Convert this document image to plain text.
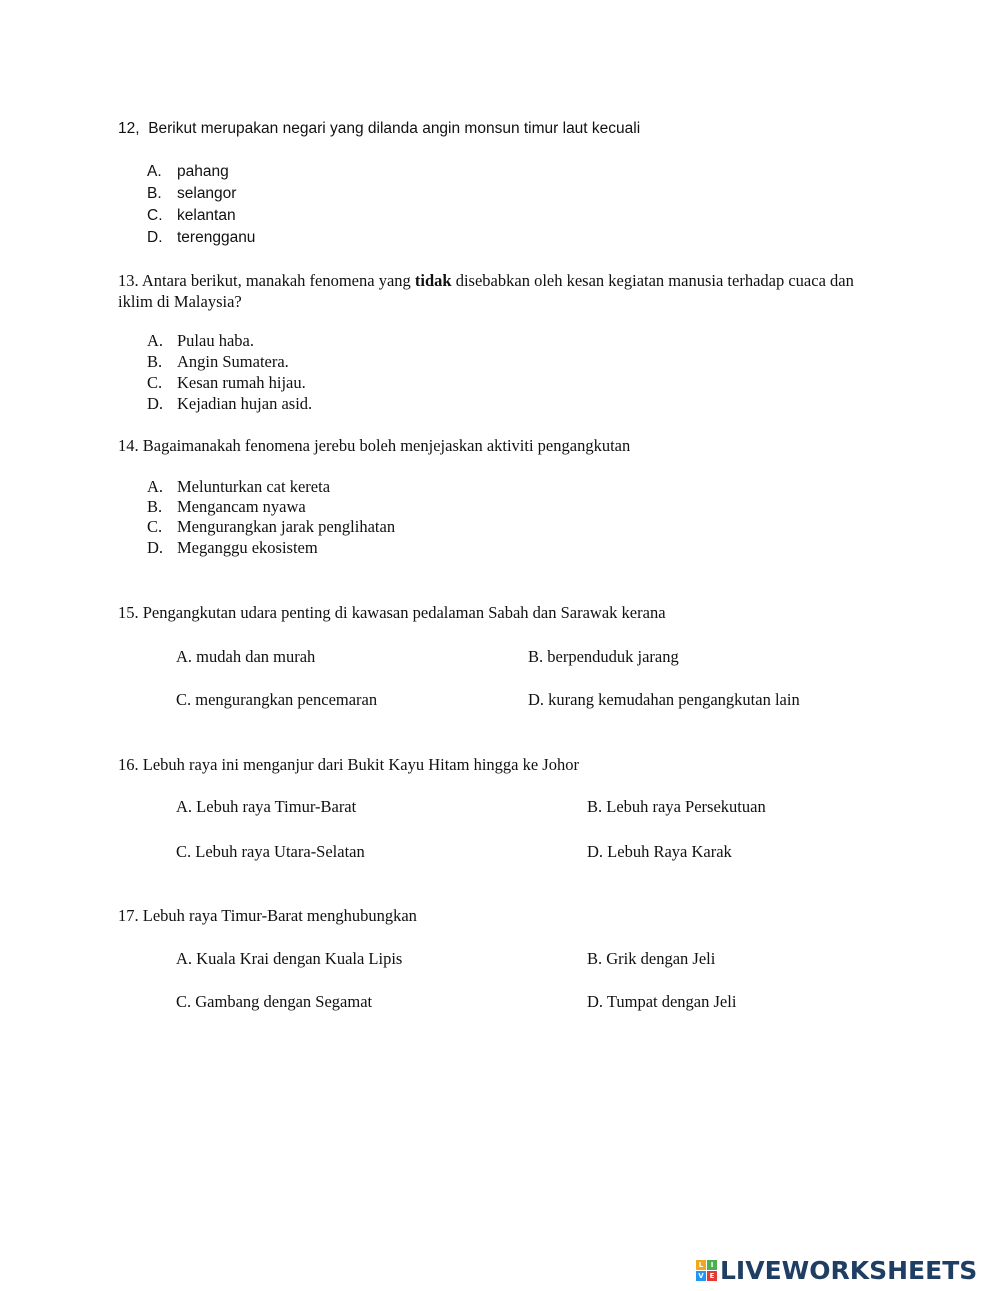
12, Berikut merupakan negari yang dilanda angin monsun timur laut kecuali
A. pahang
B. selangor
C. kelantan
D. terengganu
13. Antara berikut, manakah fenomena yang tidak disebabkan oleh kesan kegiatan manusia terhadap cuaca dan iklim di Malaysia?
A. Pulau haba.
B. Angin Sumatera.
C. Kesan rumah hijau.
D. Kejadian hujan asid.
14. Bagaimanakah fenomena jerebu boleh menjejaskan aktiviti pengangkutan
A. Melunturkan cat kereta
B. Mengancam nyawa
C. Mengurangkan jarak penglihatan
D. Meganggu ekosistem
15. Pengangkutan udara penting di kawasan pedalaman Sabah dan Sarawak kerana
A. mudah dan murah	B. berpenduduk jarang
C. mengurangkan pencemaran	D. kurang kemudahan pengangkutan lain
16. Lebuh raya ini menganjur dari Bukit Kayu Hitam hingga ke Johor
A. Lebuh raya Timur-Barat	B. Lebuh raya Persekutuan
C. Lebuh raya Utara-Selatan	D. Lebuh Raya Karak
17. Lebuh raya Timur-Barat menghubungkan
A. Kuala Krai dengan Kuala Lipis	B. Grik dengan Jeli
C. Gambang dengan Segamat	D. Tumpat dengan Jeli
L	I
V E LIVEWORKSHEETS
